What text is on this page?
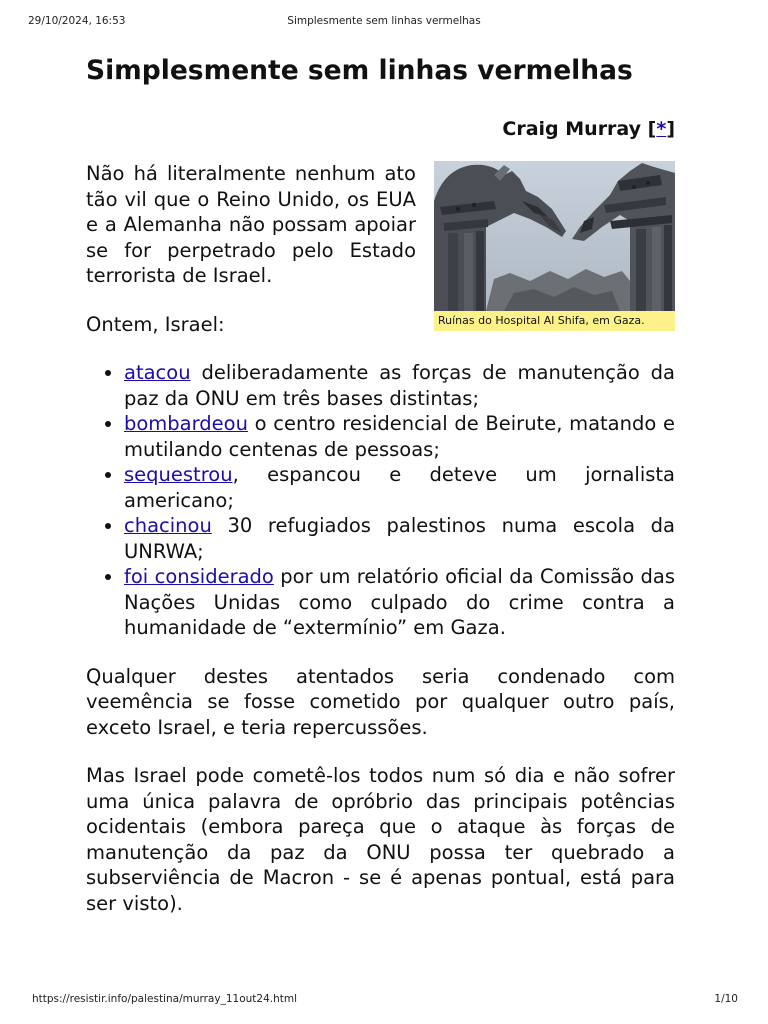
29/10/2024, 16:53	Simplesmente sem linhas vermelhas
Simplesmente sem linhas vermelhas
Craig Murray [*]
Ruínas do Hospital Al Shifa, em Gaza.

Não há literalmente nenhum ato tão vil que o Reino Unido, os EUA e a Alemanha não possam apoiar se for perpetrado pelo Estado terrorista de Israel.

Ontem, Israel:

• atacou deliberadamente as forças de manutenção da paz da ONU em três bases distintas;
• bombardeou o centro residencial de Beirute, matando e mutilando centenas de pessoas;
• sequestrou, espancou e deteve um jornalista americano;
• chacinou 30 refugiados palestinos numa escola da UNRWA;
• foi considerado por um relatório oficial da Comissão das Nações Unidas como culpado do crime contra a humanidade de “extermínio” em Gaza.

Qualquer destes atentados seria condenado com veemência se fosse cometido por qualquer outro país, exceto Israel, e teria repercussões.

Mas Israel pode cometê-los todos num só dia e não sofrer uma única palavra de opróbrio das principais potências ocidentais (embora pareça que o ataque às forças de manutenção da paz da ONU possa ter quebrado a subserviência de Macron - se é apenas pontual, está para ser visto).

https://resistir.info/palestina/murray_11out24.html	1/10
